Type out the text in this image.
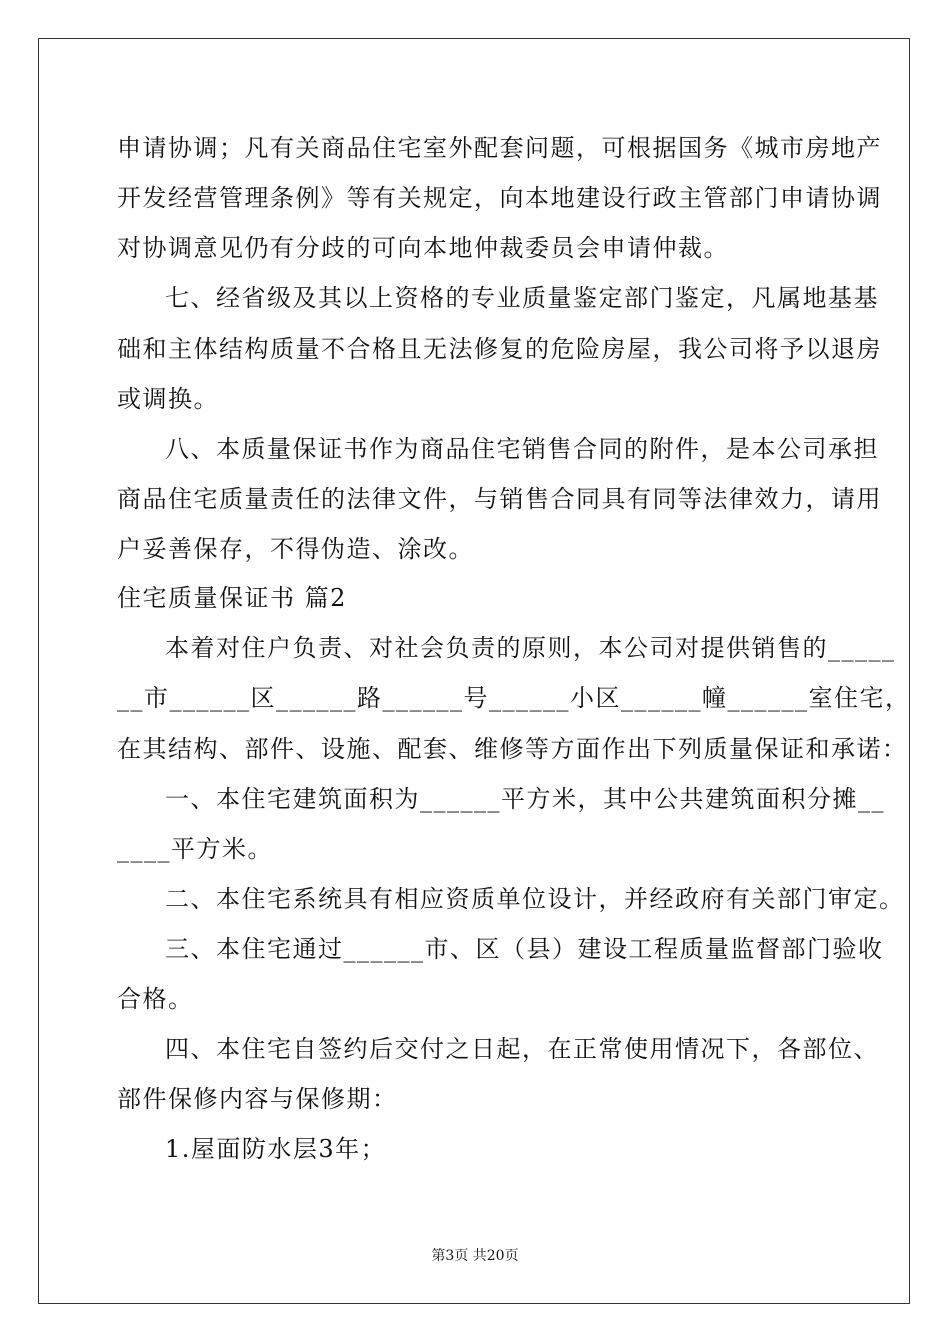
申请协调；凡有关商品住宅室外配套问题，可根据国务《城市房地产
开发经营管理条例》等有关规定，向本地建设行政主管部门申请协调
对协调意见仍有分歧的可向本地仲裁委员会申请仲裁。
七、经省级及其以上资格的专业质量鉴定部门鉴定，凡属地基基
础和主体结构质量不合格且无法修复的危险房屋，我公司将予以退房
或调换。
八、本质量保证书作为商品住宅销售合同的附件，是本公司承担
商品住宅质量责任的法律文件，与销售合同具有同等法律效力，请用
户妥善保存，不得伪造、涂改。
住宅质量保证书 篇2
本着对住户负责、对社会负责的原则，本公司对提供销售的_____
__市______区______路______号______小区______幢______室住宅，
在其结构、部件、设施、配套、维修等方面作出下列质量保证和承诺：
一、本住宅建筑面积为______平方米，其中公共建筑面积分摊__
____平方米。
二、本住宅系统具有相应资质单位设计，并经政府有关部门审定。
三、本住宅通过______市、区（县）建设工程质量监督部门验收
合格。
四、本住宅自签约后交付之日起，在正常使用情况下，各部位、
部件保修内容与保修期：
1.屋面防水层3年；
第3页 共20页
